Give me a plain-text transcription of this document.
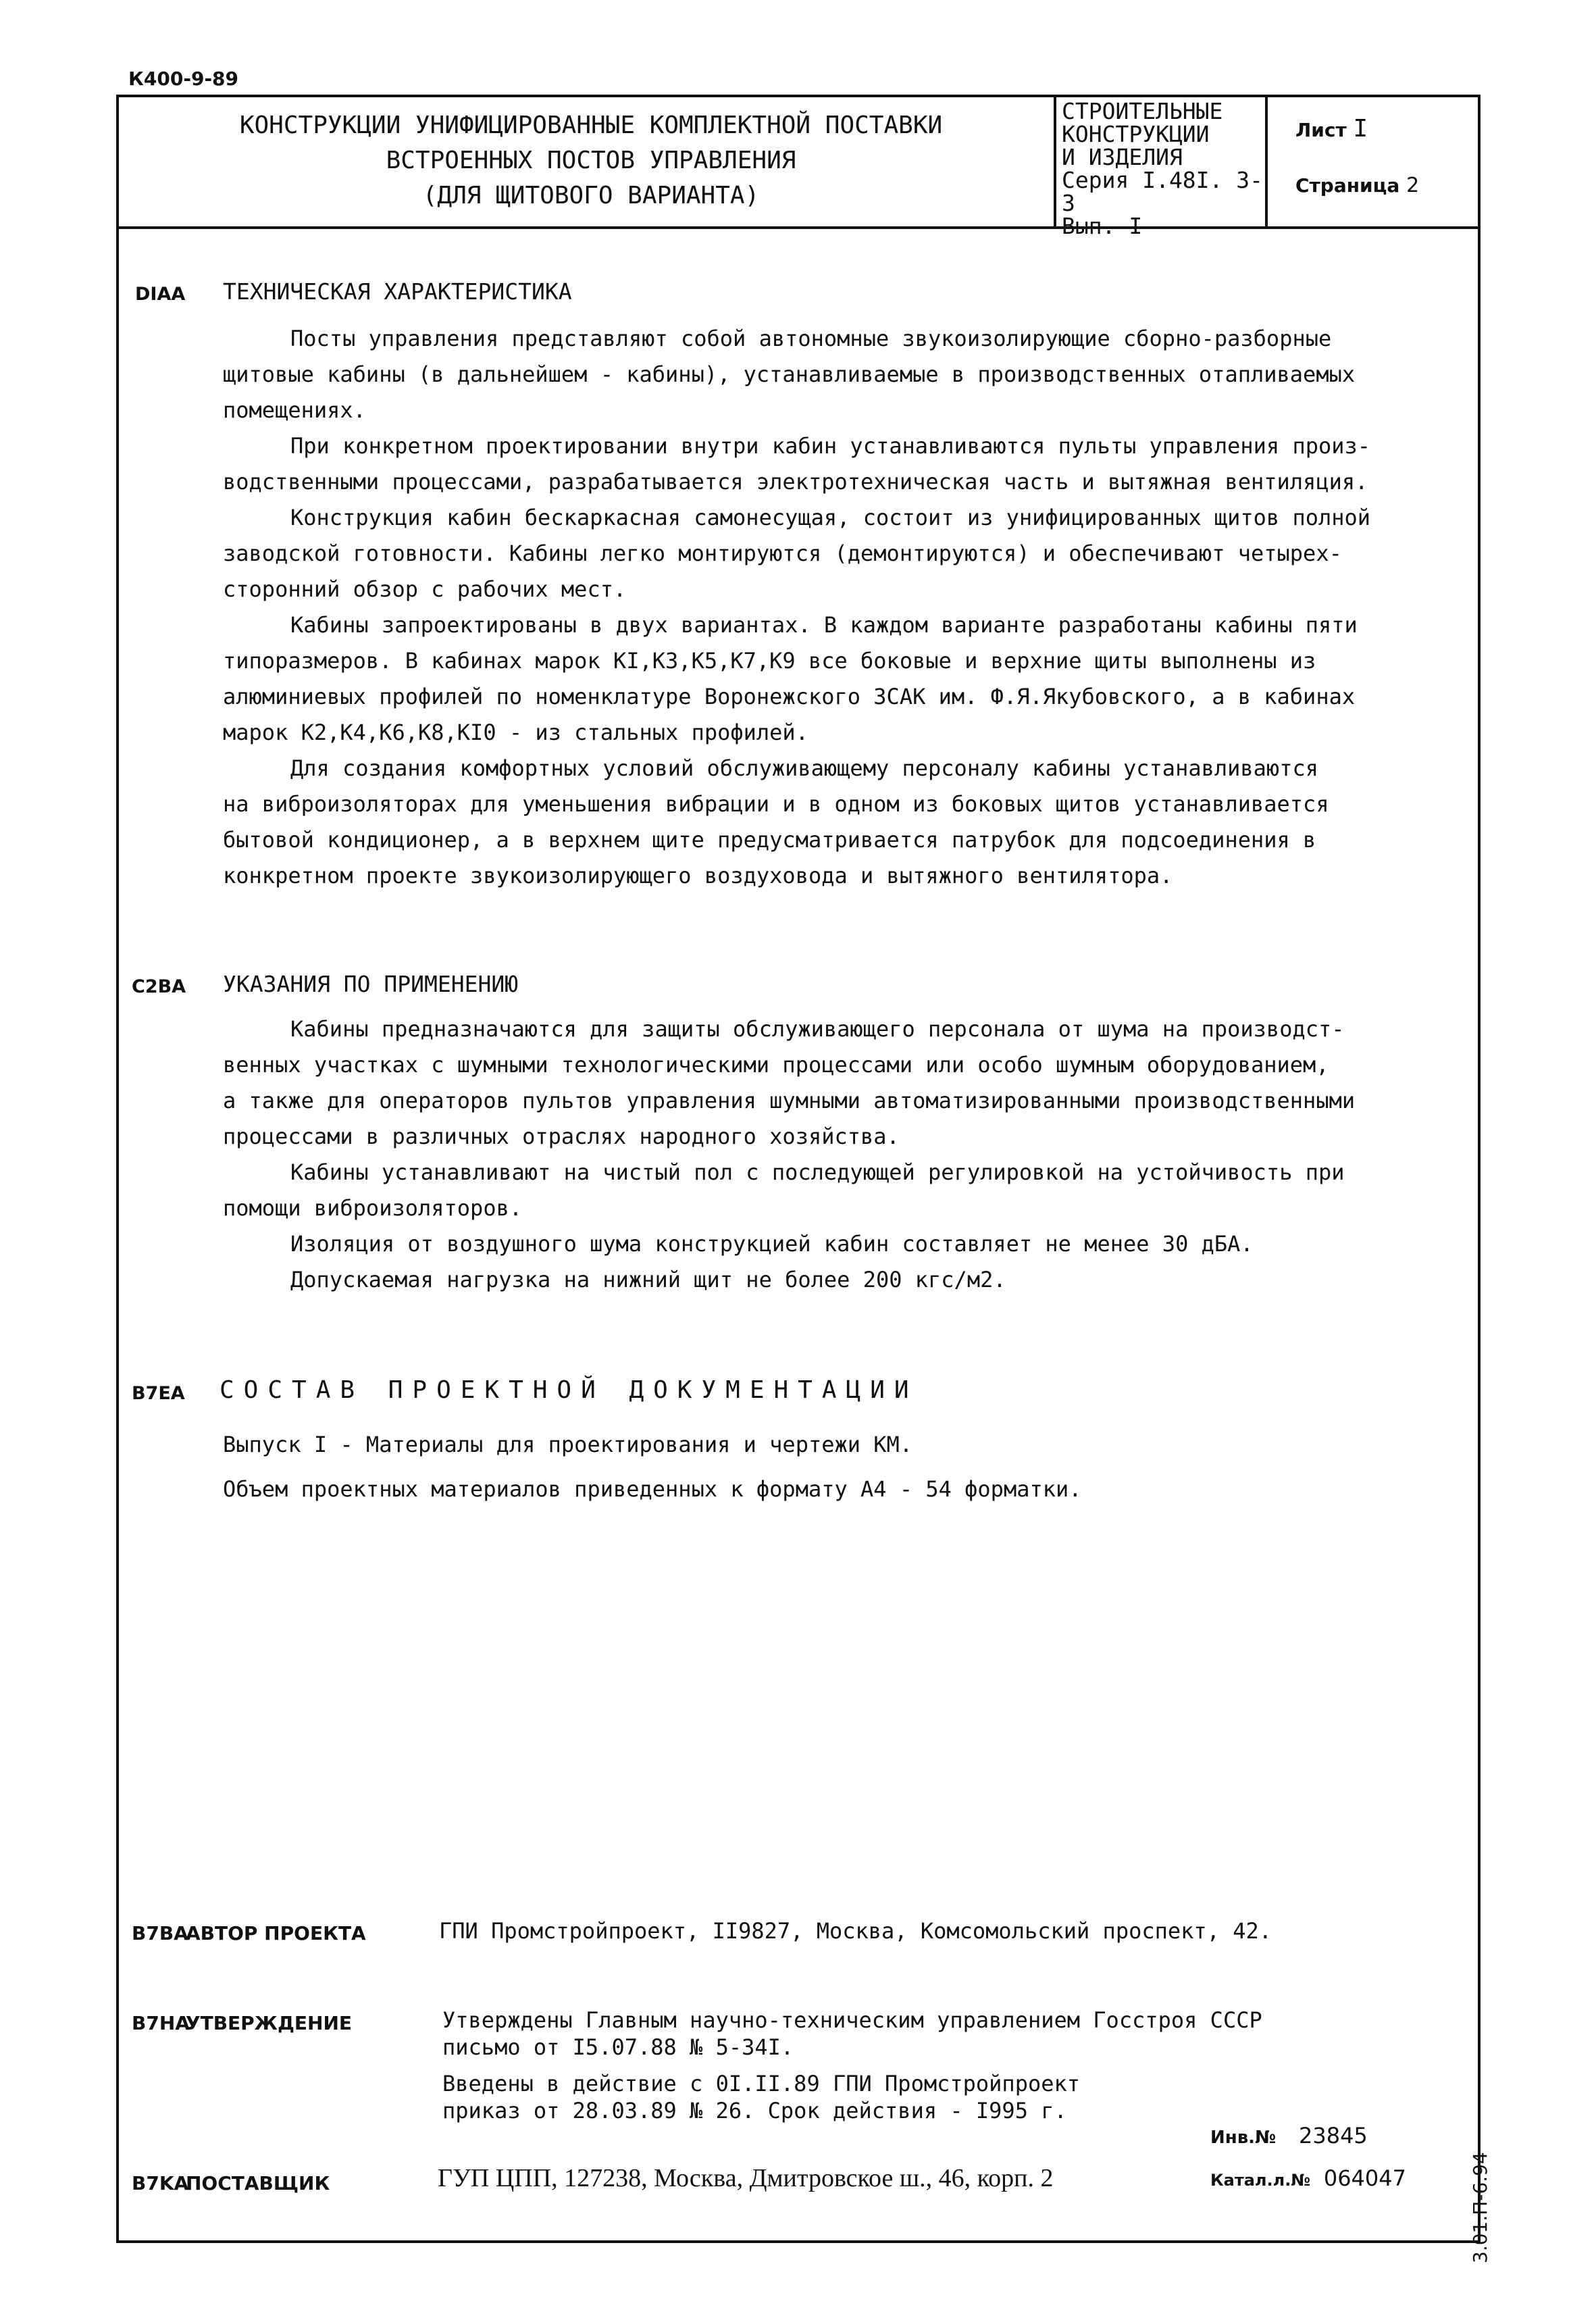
К400-9-89
КОНСТРУКЦИИ УНИФИЦИРОВАННЫЕ КОМПЛЕКТНОЙ ПОСТАВКИ
ВСТРОЕННЫХ ПОСТОВ УПРАВЛЕНИЯ
(ДЛЯ ЩИТОВОГО ВАРИАНТА)
СТРОИТЕЛЬНЫЕ
КОНСТРУКЦИИ
И ИЗДЕЛИЯ
Серия I.48I. 3-3
Вып. I
Лист I
Страница 2
DIAA ТЕХНИЧЕСКАЯ ХАРАКТЕРИСТИКА
Посты управления представляют собой автономные звукоизолирующие сборно-разборные
щитовые кабины (в дальнейшем - кабины), устанавливаемые в производственных отапливаемых
помещениях.
При конкретном проектировании внутри кабин устанавливаются пульты управления произ-
водственными процессами, разрабатывается электротехническая часть и вытяжная вентиляция.
Конструкция кабин бескаркасная самонесущая, состоит из унифицированных щитов полной
заводской готовности. Кабины легко монтируются (демонтируются) и обеспечивают четырех-
сторонний обзор с рабочих мест.
Кабины запроектированы в двух вариантах. В каждом варианте разработаны кабины пяти
типоразмеров. В кабинах марок КI,К3,К5,К7,К9 все боковые и верхние щиты выполнены из
алюминиевых профилей по номенклатуре Воронежского ЗСАК им. Ф.Я.Якубовского, а в кабинах
марок К2,К4,К6,К8,КI0 - из стальных профилей.
Для создания комфортных условий обслуживающему персоналу кабины устанавливаются
на виброизоляторах для уменьшения вибрации и в одном из боковых щитов устанавливается
бытовой кондиционер, а в верхнем щите предусматривается патрубок для подсоединения в
конкретном проекте звукоизолирующего воздуховода и вытяжного вентилятора.
C2BA УКАЗАНИЯ ПО ПРИМЕНЕНИЮ
Кабины предназначаются для защиты обслуживающего персонала от шума на производст-
венных участках с шумными технологическими процессами или особо шумным оборудованием,
а также для операторов пультов управления шумными автоматизированными производственными
процессами в различных отраслях народного хозяйства.
Кабины устанавливают на чистый пол с последующей регулировкой на устойчивость при
помощи виброизоляторов.
Изоляция от воздушного шума конструкцией кабин составляет не менее 30 дБА.
Допускаемая нагрузка на нижний щит не более 200 кгс/м2.
B7EA СОСТАВ ПРОЕКТНОЙ ДОКУМЕНТАЦИИ
Выпуск I - Материалы для проектирования и чертежи КМ.
Объем проектных материалов приведенных к формату А4 - 54 форматки.
B7BA
АВТОР ПРОЕКТА	ГПИ Промстройпроект, II9827, Москва, Комсомольский проспект, 42.
B7HA
УТВЕРЖДЕНИЕ	Утверждены Главным научно-техническим управлением Госстроя СССР
письмо от I5.07.88 № 5-34I.
Введены в действие с 0I.II.89 ГПИ Промстройпроект
приказ от 28.03.89 № 26. Срок действия - I995 г.
Инв.№ 23845
B7KA
ПОСТАВЩИК	ГУП ЦПП, 127238, Москва, Дмитровское ш., 46, корп. 2	Катал.л.№ 064047	3.01.П-6.94
